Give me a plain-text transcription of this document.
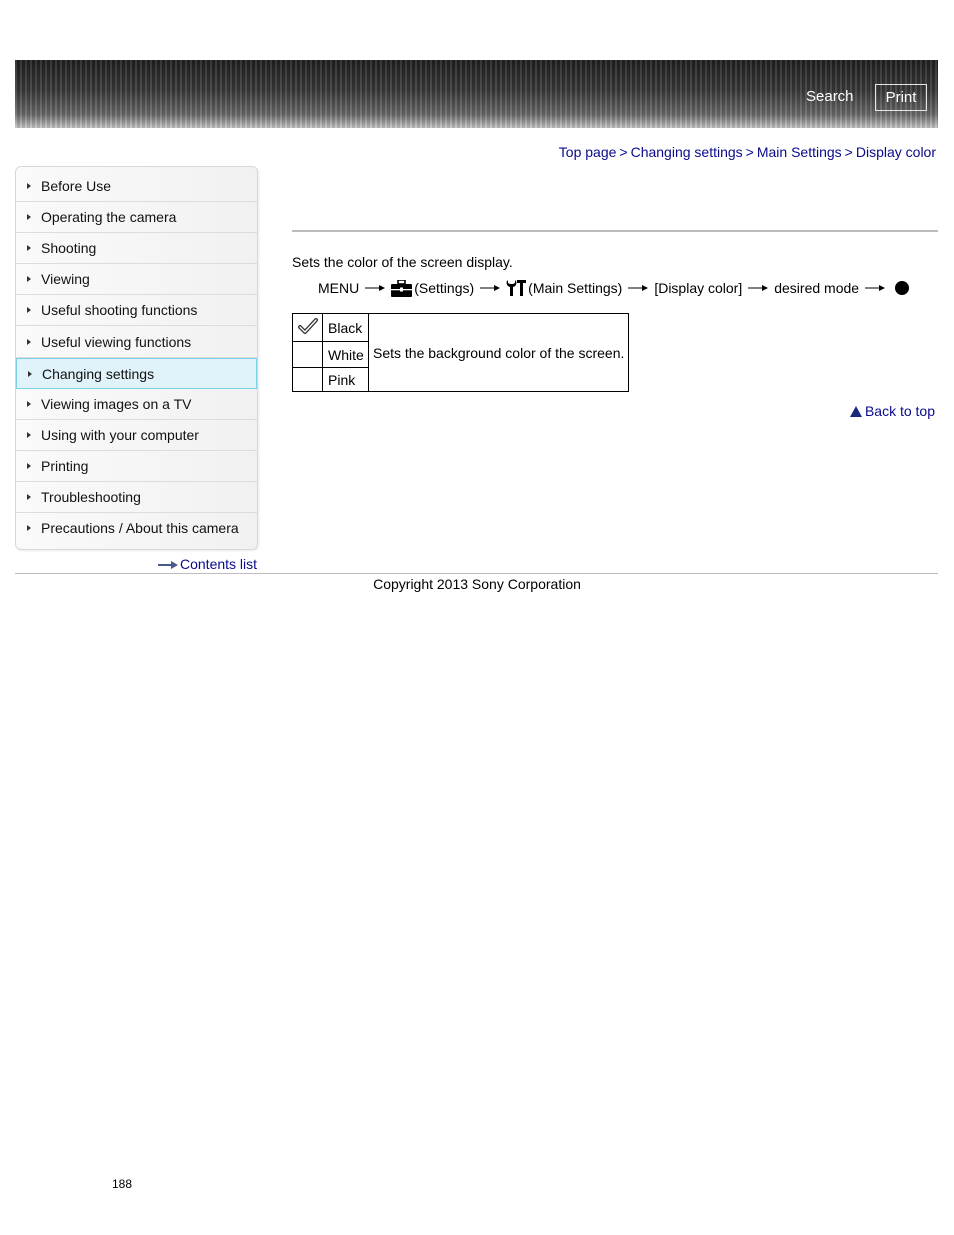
Search	Print
Top page > Changing settings > Main Settings > Display color
Before Use
Operating the camera
Shooting
Viewing
Useful shooting functions
Useful viewing functions
Changing settings
Viewing images on a TV
Using with your computer
Printing
Troubleshooting
Precautions / About this camera
Contents list
Sets the color of the screen display.
MENU	(Settings)	(Main Settings) [Display color] desired mode
	Black	Sets the background color of the screen.
	White	
	Pink	
Back to top
Copyright 2013 Sony Corporation
188
